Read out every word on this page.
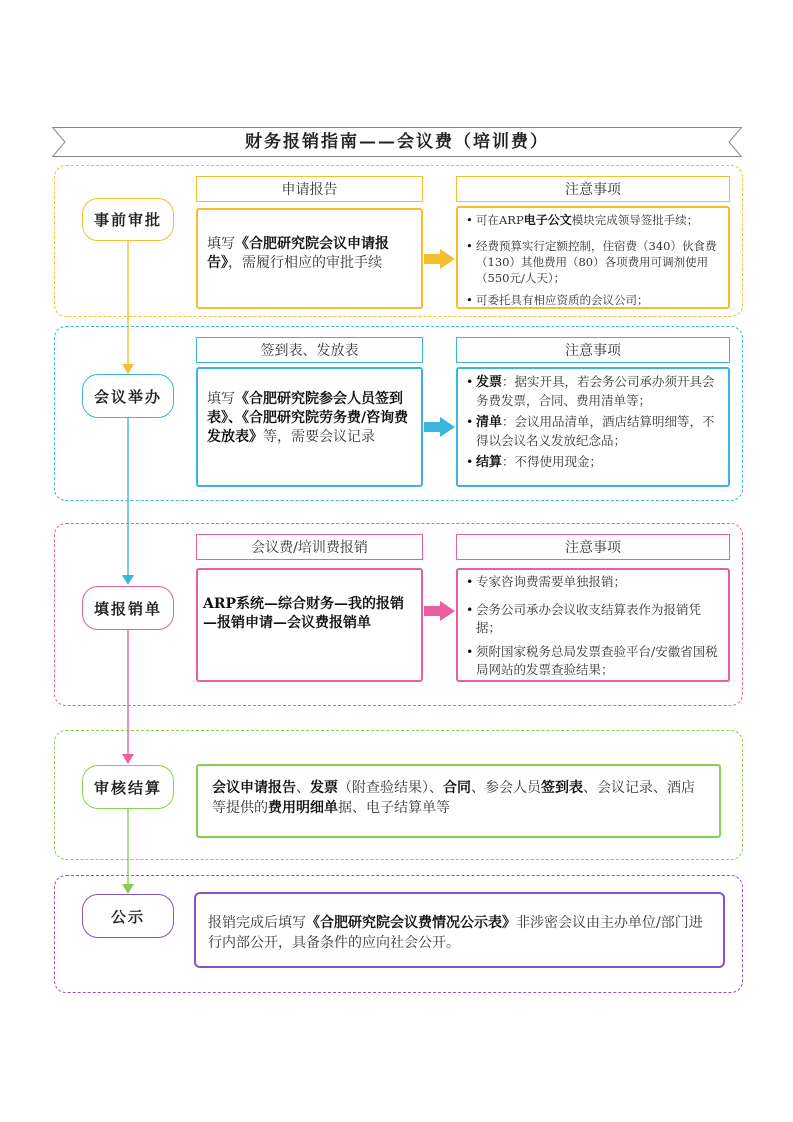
财务报销指南——会议费（培训费）
事前审批
申请报告	注意事项
填写《合肥研究院会议申请报告》，需履行相应的审批手续
• 可在ARP电子公文模块完成领导签批手续；
• 经费预算实行定额控制，住宿费（340）伙食费（130）其他费用（80）各项费用可调剂使用（550元/人天）；
• 可委托具有相应资质的会议公司；
会议举办
签到表、发放表	注意事项
填写《合肥研究院参会人员签到表》、《合肥研究院劳务费/咨询费发放表》等，需要会议记录
• 发票：据实开具，若会务公司承办须开具会务费发票，合同、费用清单等；
• 清单：会议用品清单，酒店结算明细等，不得以会议名义发放纪念品；
• 结算：不得使用现金；
填报销单
会议费/培训费报销	注意事项
ARP系统—综合财务—我的报销—报销申请—会议费报销单
• 专家咨询费需要单独报销；
• 会务公司承办会议收支结算表作为报销凭据；
• 须附国家税务总局发票查验平台/安徽省国税局网站的发票查验结果；
审核结算	会议申请报告、发票（附查验结果）、合同、参会人员签到表、会议记录、酒店等提供的费用明细单据、电子结算单等
公示	报销完成后填写《合肥研究院会议费情况公示表》非涉密会议由主办单位/部门进行内部公开，具备条件的应向社会公开。
